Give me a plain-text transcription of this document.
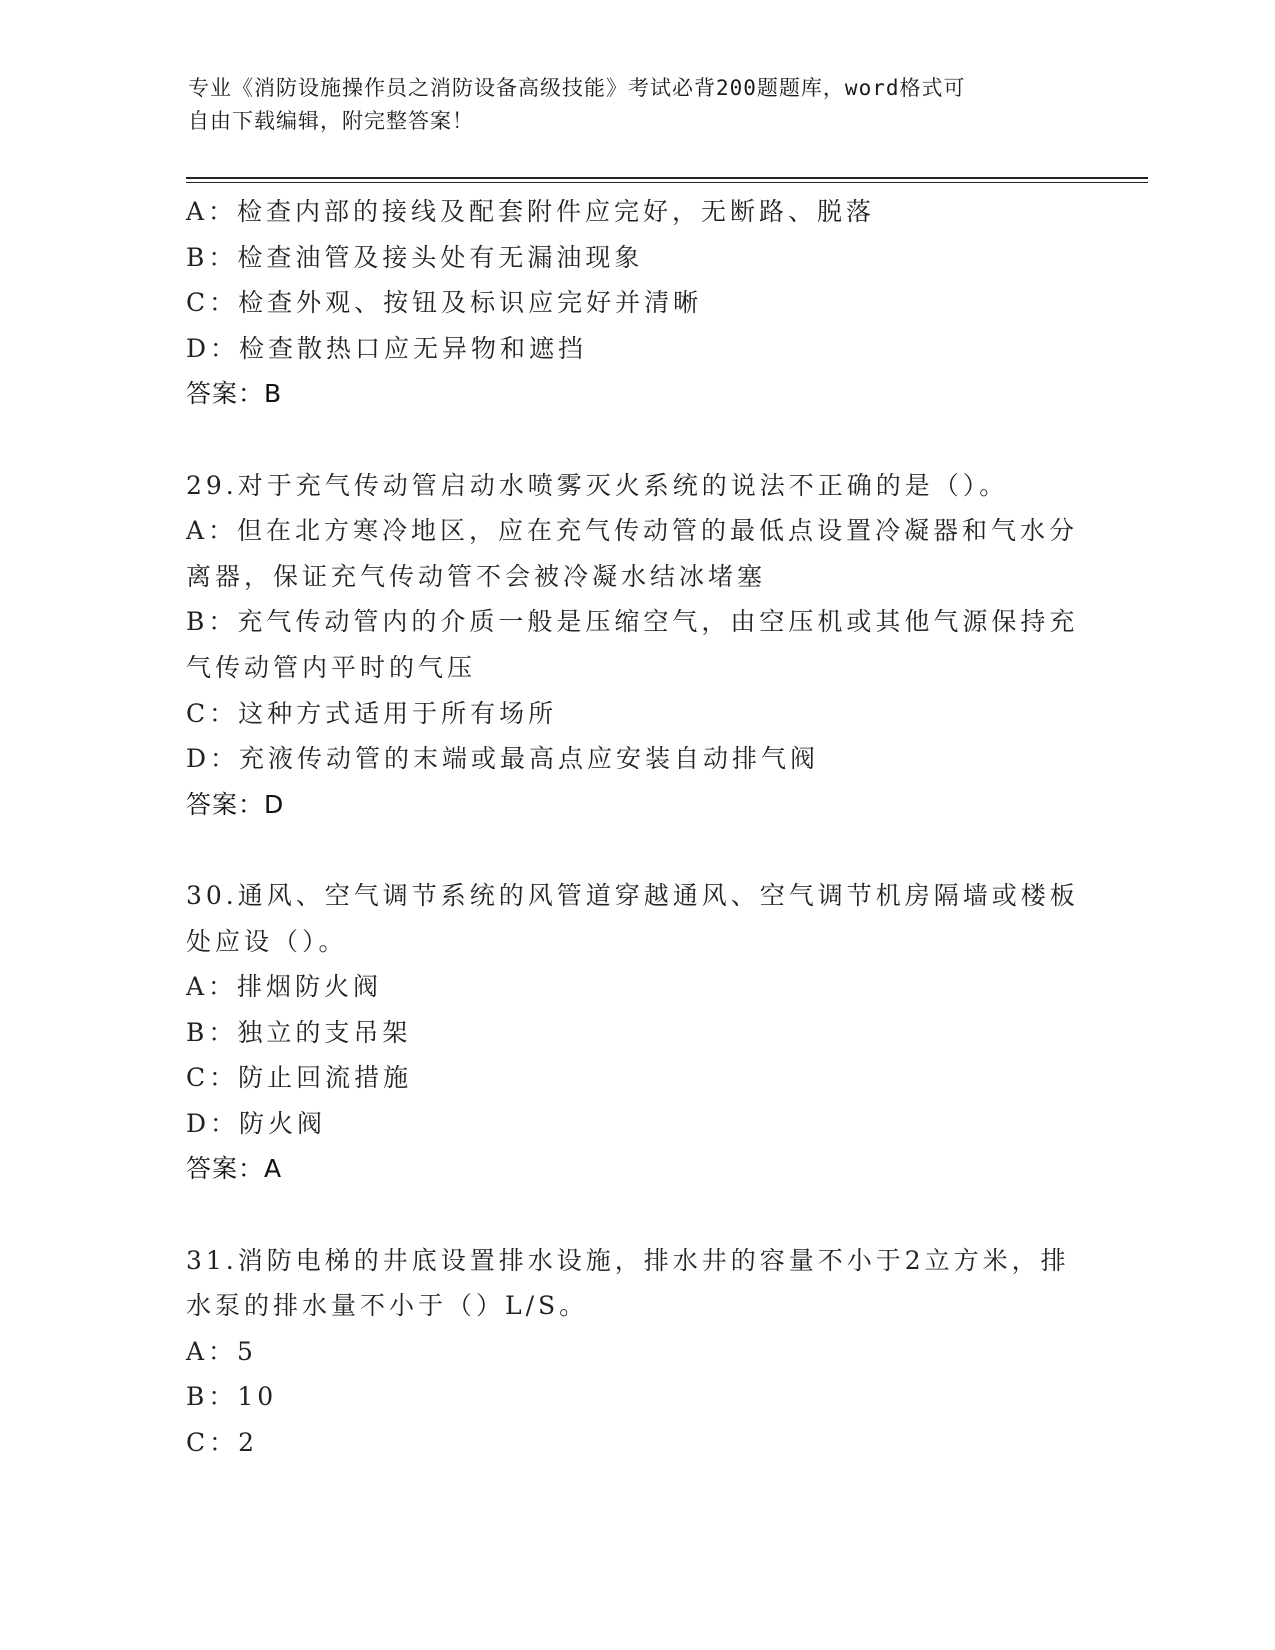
专业《消防设施操作员之消防设备高级技能》考试必背200题题库，word格式可
自由下载编辑，附完整答案！
A：检查内部的接线及配套附件应完好，无断路、脱落
B：检查油管及接头处有无漏油现象
C：检查外观、按钮及标识应完好并清晰
D：检查散热口应无异物和遮挡
答案：B
29.对于充气传动管启动水喷雾灭火系统的说法不正确的是（）。
A：但在北方寒冷地区，应在充气传动管的最低点设置冷凝器和气水分
离器，保证充气传动管不会被冷凝水结冰堵塞
B：充气传动管内的介质一般是压缩空气，由空压机或其他气源保持充
气传动管内平时的气压
C：这种方式适用于所有场所
D：充液传动管的末端或最高点应安装自动排气阀
答案：D
30.通风、空气调节系统的风管道穿越通风、空气调节机房隔墙或楼板
处应设（）。
A：排烟防火阀
B：独立的支吊架
C：防止回流措施
D：防火阀
答案：A
31.消防电梯的井底设置排水设施，排水井的容量不小于2立方米，排
水泵的排水量不小于（）L/S。
A：5
B：10
C：2
